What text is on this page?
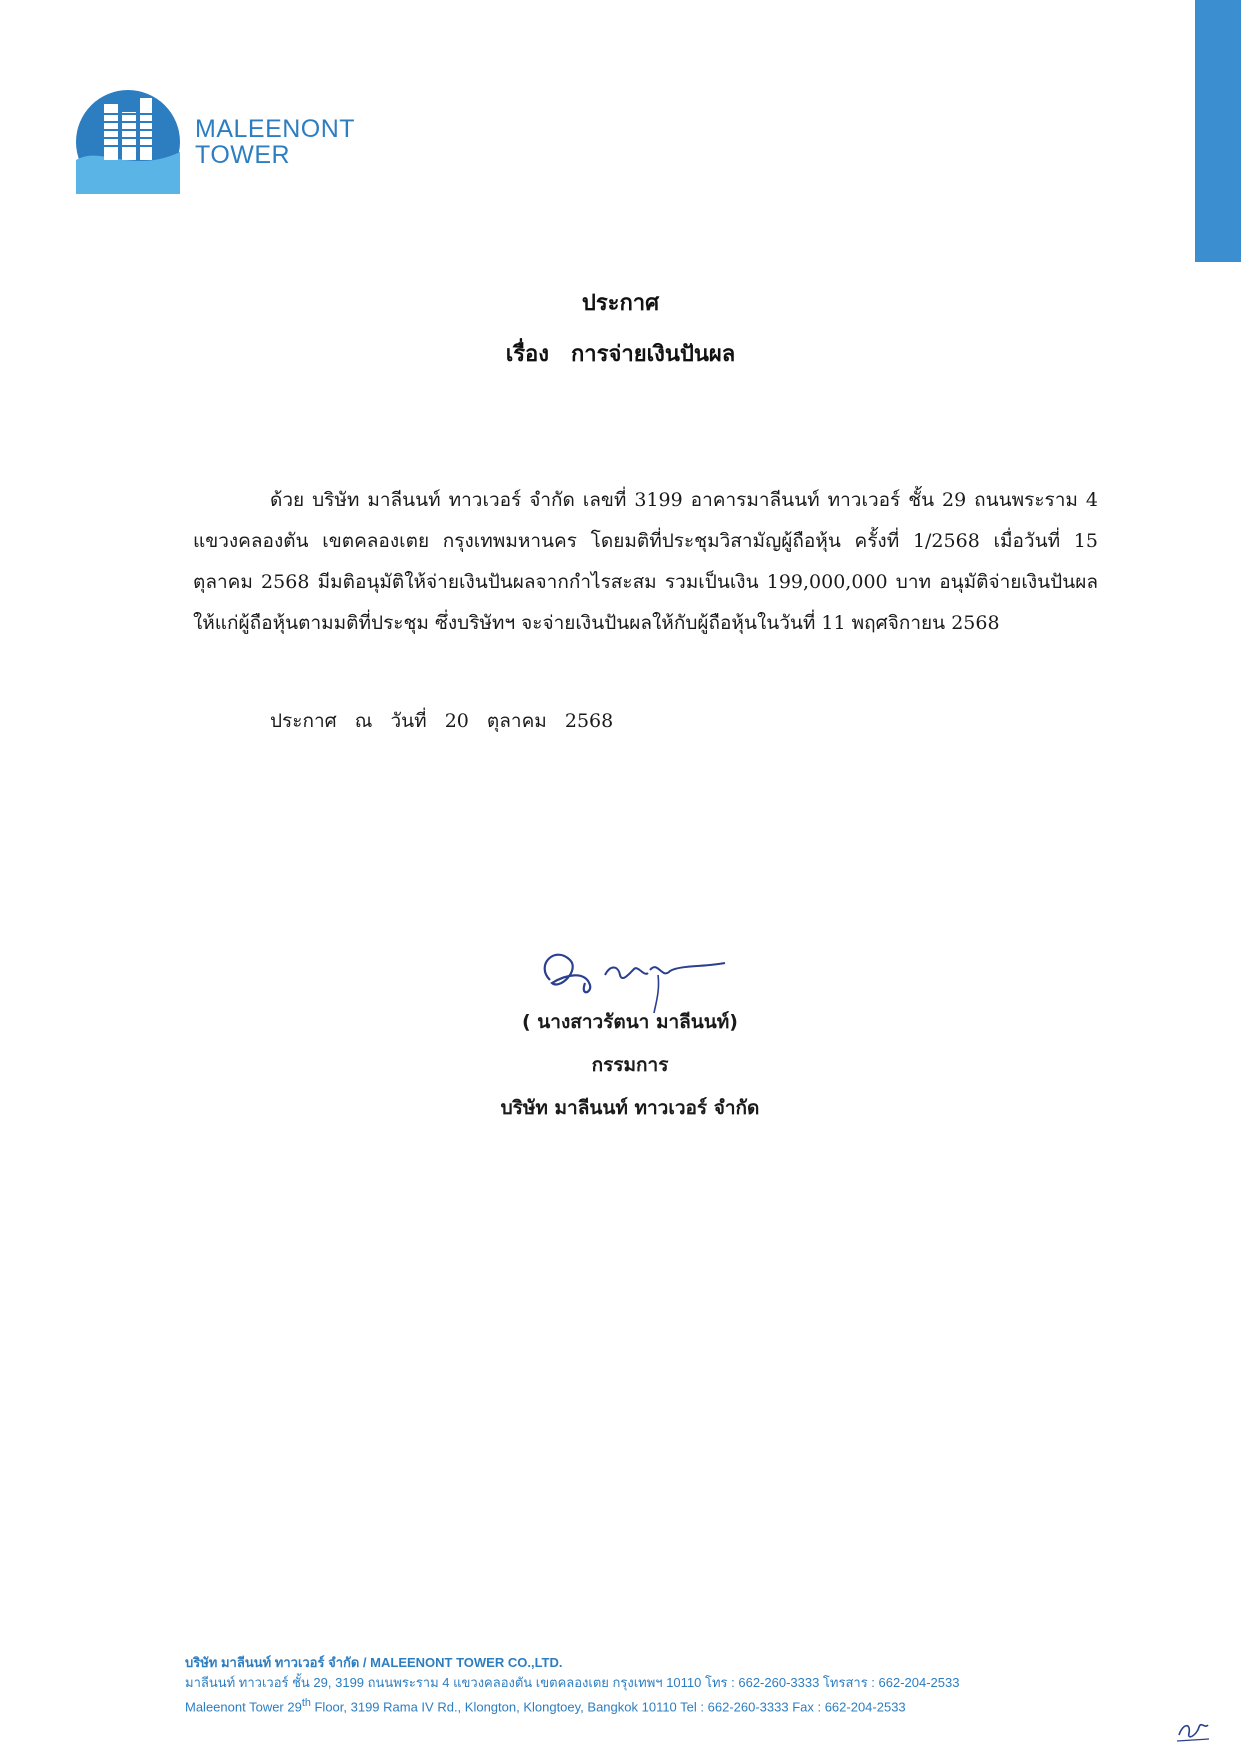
MALEENONT
TOWER
ประกาศ
เรื่อง การจ่ายเงินปันผล
ด้วย บริษัท มาลีนนท์ ทาวเวอร์ จำกัด เลขที่ 3199 อาคารมาลีนนท์ ทาวเวอร์ ชั้น 29 ถนนพระราม 4 แขวงคลองตัน เขตคลองเตย กรุงเทพมหานคร โดยมติที่ประชุมวิสามัญผู้ถือหุ้น ครั้งที่ 1/2568 เมื่อวันที่ 15 ตุลาคม 2568 มีมติอนุมัติให้จ่ายเงินปันผลจากกำไรสะสม รวมเป็นเงิน 199,000,000 บาท อนุมัติจ่ายเงินปันผลให้แก่ผู้ถือหุ้นตามมติที่ประชุม ซึ่งบริษัทฯ จะจ่ายเงินปันผลให้กับผู้ถือหุ้นในวันที่ 11 พฤศจิกายน 2568
ประกาศ ณ วันที่ 20 ตุลาคม 2568
( นางสาวรัตนา มาลีนนท์)
กรรมการ
บริษัท มาลีนนท์ ทาวเวอร์ จำกัด
บริษัท มาลีนนท์ ทาวเวอร์ จำกัด / MALEENONT TOWER CO.,LTD.
มาลีนนท์ ทาวเวอร์ ชั้น 29, 3199 ถนนพระราม 4 แขวงคลองตัน เขตคลองเตย กรุงเทพฯ 10110 โทร : 662-260-3333 โทรสาร : 662-204-2533
Maleenont Tower 29th Floor, 3199 Rama IV Rd., Klongton, Klongtoey, Bangkok 10110 Tel : 662-260-3333 Fax : 662-204-2533
